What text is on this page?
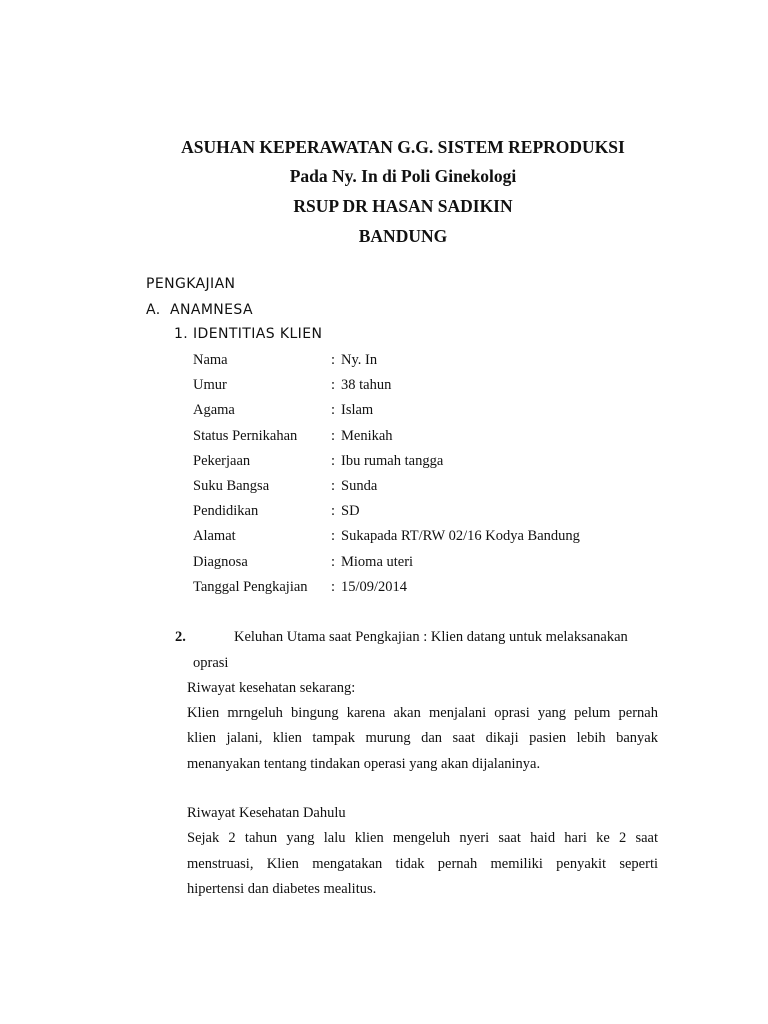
ASUHAN KEPERAWATAN G.G. SISTEM REPRODUKSI
Pada Ny. In di Poli Ginekologi
RSUP DR HASAN SADIKIN
BANDUNG
PENGKAJIAN
A. ANAMNESA
1. IDENTITIAS KLIEN
Nama	: Ny. In
Umur	: 38 tahun
Agama	: Islam
Status Pernikahan	: Menikah
Pekerjaan	: Ibu rumah tangga
Suku Bangsa	: Sunda
Pendidikan	: SD
Alamat	: Sukapada RT/RW 02/16 Kodya Bandung
Diagnosa	: Mioma uteri
Tanggal Pengkajian	: 15/09/2014
2.	Keluhan Utama saat Pengkajian : Klien datang untuk melaksanakan
oprasi
Riwayat kesehatan sekarang:
Klien mrngeluh bingung karena akan menjalani oprasi yang pelum pernah
klien jalani, klien tampak murung dan saat dikaji pasien lebih banyak
menanyakan tentang tindakan operasi yang akan dijalaninya.
Riwayat Kesehatan Dahulu
Sejak 2 tahun yang lalu klien mengeluh nyeri saat haid hari ke 2 saat
menstruasi, Klien mengatakan tidak pernah memiliki penyakit seperti
hipertensi dan diabetes mealitus.
